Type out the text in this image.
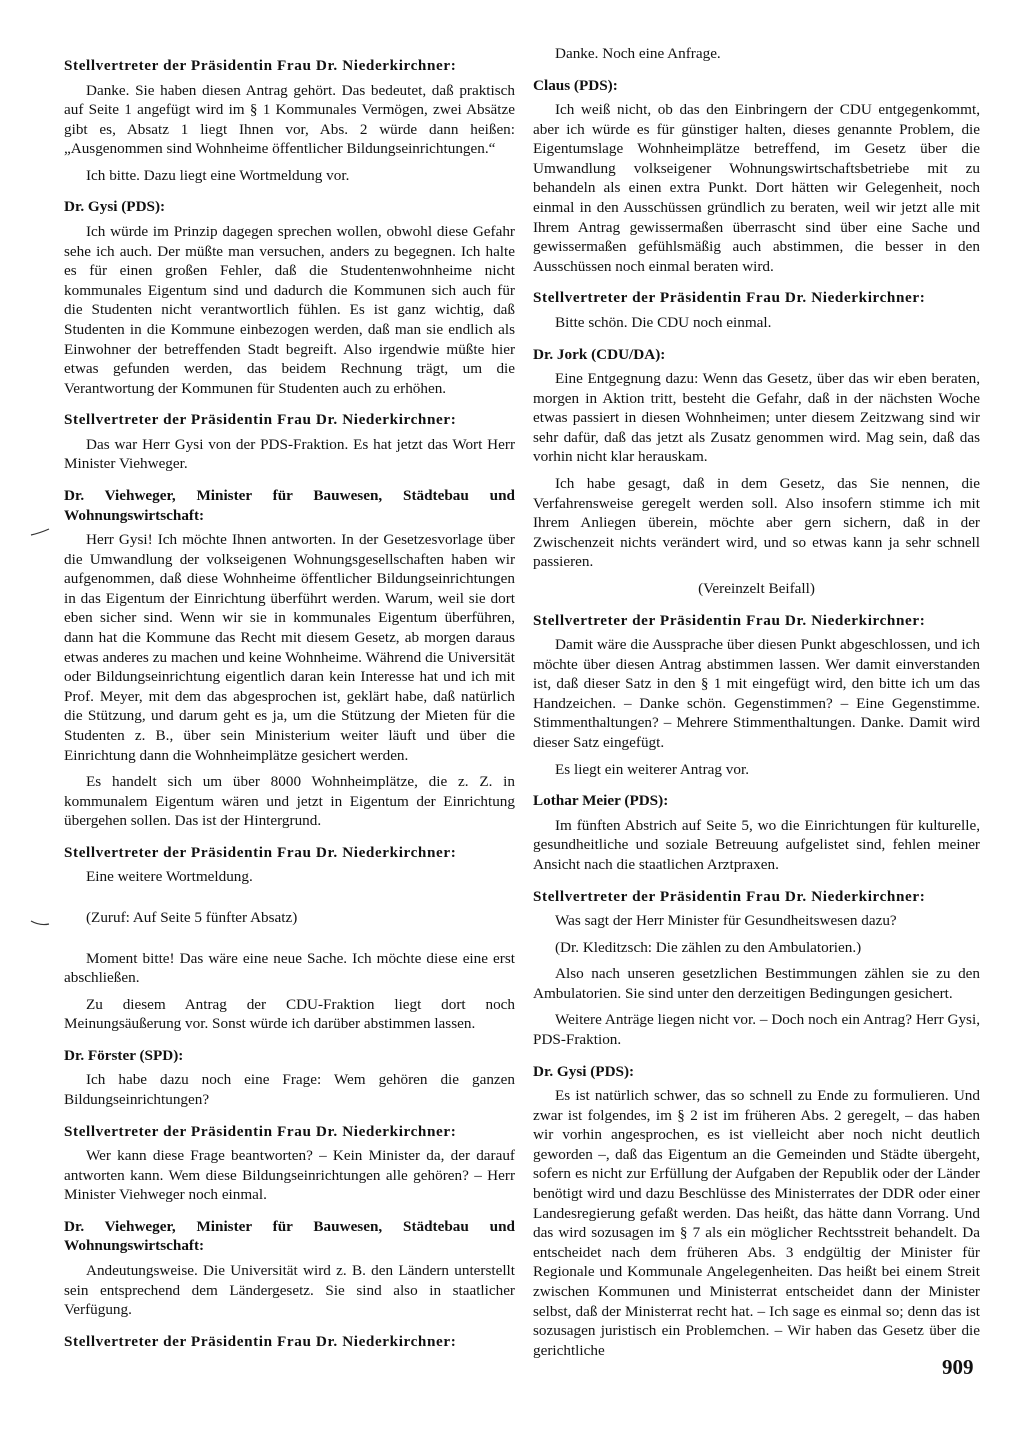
Stellvertreter der Präsidentin Frau Dr. Niederkirchner:
Danke. Sie haben diesen Antrag gehört. Das bedeutet, daß praktisch auf Seite 1 angefügt wird im § 1 Kommunales Vermögen, zwei Absätze gibt es, Absatz 1 liegt Ihnen vor, Abs. 2 würde dann heißen: „Ausgenommen sind Wohnheime öffentlicher Bildungseinrichtungen.“
Ich bitte. Dazu liegt eine Wortmeldung vor.
Dr. Gysi (PDS):
Ich würde im Prinzip dagegen sprechen wollen, obwohl diese Gefahr sehe ich auch. Der müßte man versuchen, anders zu begegnen. Ich halte es für einen großen Fehler, daß die Studentenwohnheime nicht kommunales Eigentum sind und dadurch die Kommunen sich auch für die Studenten nicht verantwortlich fühlen. Es ist ganz wichtig, daß Studenten in die Kommune einbezogen werden, daß man sie endlich als Einwohner der betreffenden Stadt begreift. Also irgendwie müßte hier etwas gefunden werden, das beidem Rechnung trägt, um die Verantwortung der Kommunen für Studenten auch zu erhöhen.
Stellvertreter der Präsidentin Frau Dr. Niederkirchner:
Das war Herr Gysi von der PDS-Fraktion. Es hat jetzt das Wort Herr Minister Viehweger.
Dr. Viehweger, Minister für Bauwesen, Städtebau und Wohnungswirtschaft:
Herr Gysi! Ich möchte Ihnen antworten. In der Gesetzesvorlage über die Umwandlung der volkseigenen Wohnungsgesellschaften haben wir aufgenommen, daß diese Wohnheime öffentlicher Bildungseinrichtungen in das Eigentum der Einrichtung überführt werden. Warum, weil sie dort eben sicher sind. Wenn wir sie in kommunales Eigentum überführen, dann hat die Kommune das Recht mit diesem Gesetz, ab morgen daraus etwas anderes zu machen und keine Wohnheime. Während die Universität oder Bildungseinrichtung eigentlich daran kein Interesse hat und ich mit Prof. Meyer, mit dem das abgesprochen ist, geklärt habe, daß natürlich die Stützung, und darum geht es ja, um die Stützung der Mieten für die Studenten z. B., über sein Ministerium weiter läuft und über die Einrichtung dann die Wohnheimplätze gesichert werden.
Es handelt sich um über 8000 Wohnheimplätze, die z. Z. in kommunalem Eigentum wären und jetzt in Eigentum der Einrichtung übergehen sollen. Das ist der Hintergrund.
Stellvertreter der Präsidentin Frau Dr. Niederkirchner:
Eine weitere Wortmeldung.
(Zuruf: Auf Seite 5 fünfter Absatz)
Moment bitte! Das wäre eine neue Sache. Ich möchte diese eine erst abschließen.
Zu diesem Antrag der CDU-Fraktion liegt dort noch Meinungsäußerung vor. Sonst würde ich darüber abstimmen lassen.
Dr. Förster (SPD):
Ich habe dazu noch eine Frage: Wem gehören die ganzen Bildungseinrichtungen?
Stellvertreter der Präsidentin Frau Dr. Niederkirchner:
Wer kann diese Frage beantworten? – Kein Minister da, der darauf antworten kann. Wem diese Bildungseinrichtungen alle gehören? – Herr Minister Viehweger noch einmal.
Dr. Viehweger, Minister für Bauwesen, Städtebau und Wohnungswirtschaft:
Andeutungsweise. Die Universität wird z. B. den Ländern unterstellt sein entsprechend dem Ländergesetz. Sie sind also in staatlicher Verfügung.
Stellvertreter der Präsidentin Frau Dr. Niederkirchner:
Danke. Noch eine Anfrage.
Claus (PDS):
Ich weiß nicht, ob das den Einbringern der CDU entgegenkommt, aber ich würde es für günstiger halten, dieses genannte Problem, die Eigentumslage Wohnheimplätze betreffend, im Gesetz über die Umwandlung volkseigener Wohnungswirtschaftsbetriebe mit zu behandeln als einen extra Punkt. Dort hätten wir Gelegenheit, noch einmal in den Ausschüssen gründlich zu beraten, weil wir jetzt alle mit Ihrem Antrag gewissermaßen überrascht sind über eine Sache und gewissermaßen gefühlsmäßig auch abstimmen, die besser in den Ausschüssen noch einmal beraten wird.
Stellvertreter der Präsidentin Frau Dr. Niederkirchner:
Bitte schön. Die CDU noch einmal.
Dr. Jork (CDU/DA):
Eine Entgegnung dazu: Wenn das Gesetz, über das wir eben beraten, morgen in Aktion tritt, besteht die Gefahr, daß in der nächsten Woche etwas passiert in diesen Wohnheimen; unter diesem Zeitzwang sind wir sehr dafür, daß das jetzt als Zusatz genommen wird. Mag sein, daß das vorhin nicht klar herauskam.
Ich habe gesagt, daß in dem Gesetz, das Sie nennen, die Verfahrensweise geregelt werden soll. Also insofern stimme ich mit Ihrem Anliegen überein, möchte aber gern sichern, daß in der Zwischenzeit nichts verändert wird, und so etwas kann ja sehr schnell passieren.
(Vereinzelt Beifall)
Stellvertreter der Präsidentin Frau Dr. Niederkirchner:
Damit wäre die Aussprache über diesen Punkt abgeschlossen, und ich möchte über diesen Antrag abstimmen lassen. Wer damit einverstanden ist, daß dieser Satz in den § 1 mit eingefügt wird, den bitte ich um das Handzeichen. – Danke schön. Gegenstimmen? – Eine Gegenstimme. Stimmenthaltungen? – Mehrere Stimmenthaltungen. Danke. Damit wird dieser Satz eingefügt.
Es liegt ein weiterer Antrag vor.
Lothar Meier (PDS):
Im fünften Abstrich auf Seite 5, wo die Einrichtungen für kulturelle, gesundheitliche und soziale Betreuung aufgelistet sind, fehlen meiner Ansicht nach die staatlichen Arztpraxen.
Stellvertreter der Präsidentin Frau Dr. Niederkirchner:
Was sagt der Herr Minister für Gesundheitswesen dazu?
(Dr. Kleditzsch: Die zählen zu den Ambulatorien.)
Also nach unseren gesetzlichen Bestimmungen zählen sie zu den Ambulatorien. Sie sind unter den derzeitigen Bedingungen gesichert.
Weitere Anträge liegen nicht vor. – Doch noch ein Antrag? Herr Gysi, PDS-Fraktion.
Dr. Gysi (PDS):
Es ist natürlich schwer, das so schnell zu Ende zu formulieren. Und zwar ist folgendes, im § 2 ist im früheren Abs. 2 geregelt, – das haben wir vorhin angesprochen, es ist vielleicht aber noch nicht deutlich geworden –, daß das Eigentum an die Gemeinden und Städte übergeht, sofern es nicht zur Erfüllung der Aufgaben der Republik oder der Länder benötigt wird und dazu Beschlüsse des Ministerrates der DDR oder einer Landesregierung gefaßt werden. Das heißt, das hätte dann Vorrang. Und das wird sozusagen im § 7 als ein möglicher Rechtsstreit behandelt. Da entscheidet nach dem früheren Abs. 3 endgültig der Minister für Regionale und Kommunale Angelegenheiten. Das heißt bei einem Streit zwischen Kommunen und Ministerrat entscheidet dann der Minister selbst, daß der Ministerrat recht hat. – Ich sage es einmal so; denn das ist sozusagen juristisch ein Problemchen. – Wir haben das Gesetz über die gerichtliche
909
